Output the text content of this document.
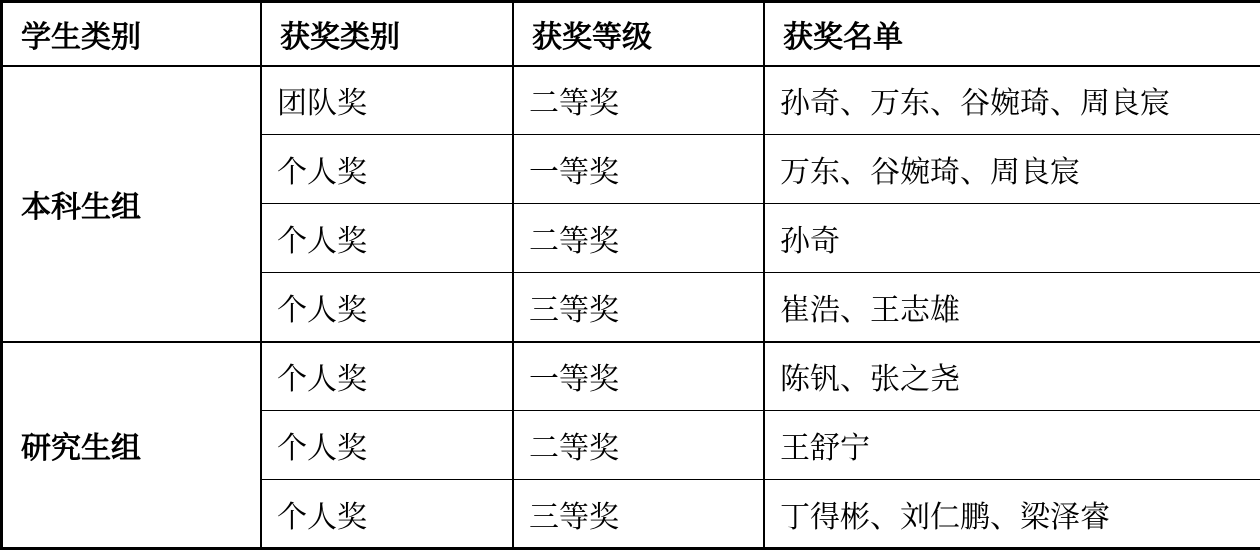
学生类别	获奖类别	获奖等级	获奖名单
本科生组	团队奖	二等奖	孙奇、万东、谷婉琦、周良宸
	个人奖	一等奖	万东、谷婉琦、周良宸
	个人奖	二等奖	孙奇
	个人奖	三等奖	崔浩、王志雄
研究生组	个人奖	一等奖	陈钒、张之尧
	个人奖	二等奖	王舒宁
	个人奖	三等奖	丁得彬、刘仁鹏、梁泽睿
